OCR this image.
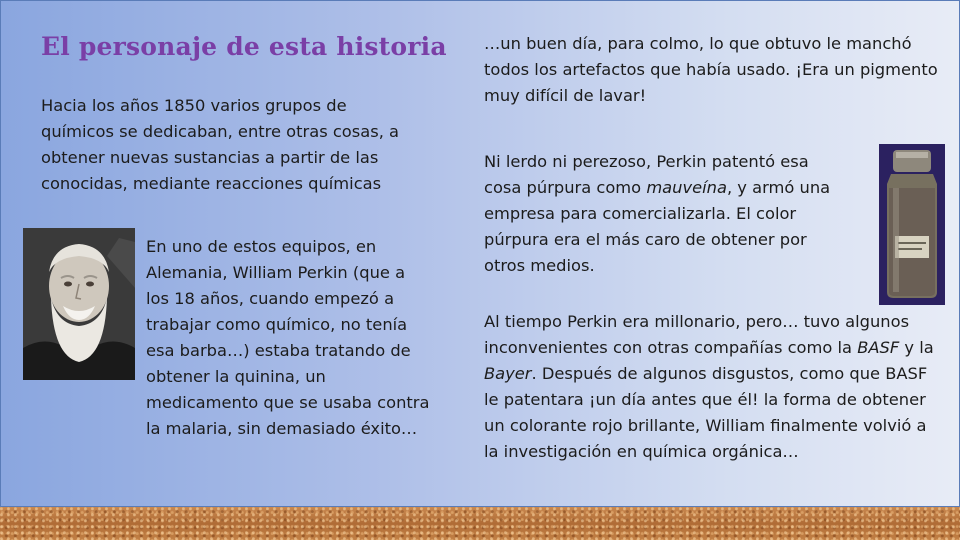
El personaje de esta historia

Hacia los años 1850 varios grupos de químicos se dedicaban, entre otras cosas, a obtener nuevas sustancias a partir de las conocidas, mediante reacciones químicas

En uno de estos equipos, en Alemania, William Perkin (que a los 18 años, cuando empezó a trabajar como químico, no tenía esa barba…) estaba tratando de obtener la quinina, un medicamento que se usaba contra la malaria, sin demasiado éxito…

…un buen día, para colmo, lo que obtuvo le manchó todos los artefactos que había usado. ¡Era un pigmento muy difícil de lavar!

Ni lerdo ni perezoso, Perkin patentó esa cosa púrpura como mauveína, y armó una empresa para comercializarla. El color púrpura era el más caro de obtener por otros medios.

Al tiempo Perkin era millonario, pero… tuvo algunos inconvenientes con otras compañías como la BASF y la Bayer. Después de algunos disgustos, como que BASF le patentara ¡un día antes que él! la forma de obtener un colorante rojo brillante, William finalmente volvió a la investigación en química orgánica…
